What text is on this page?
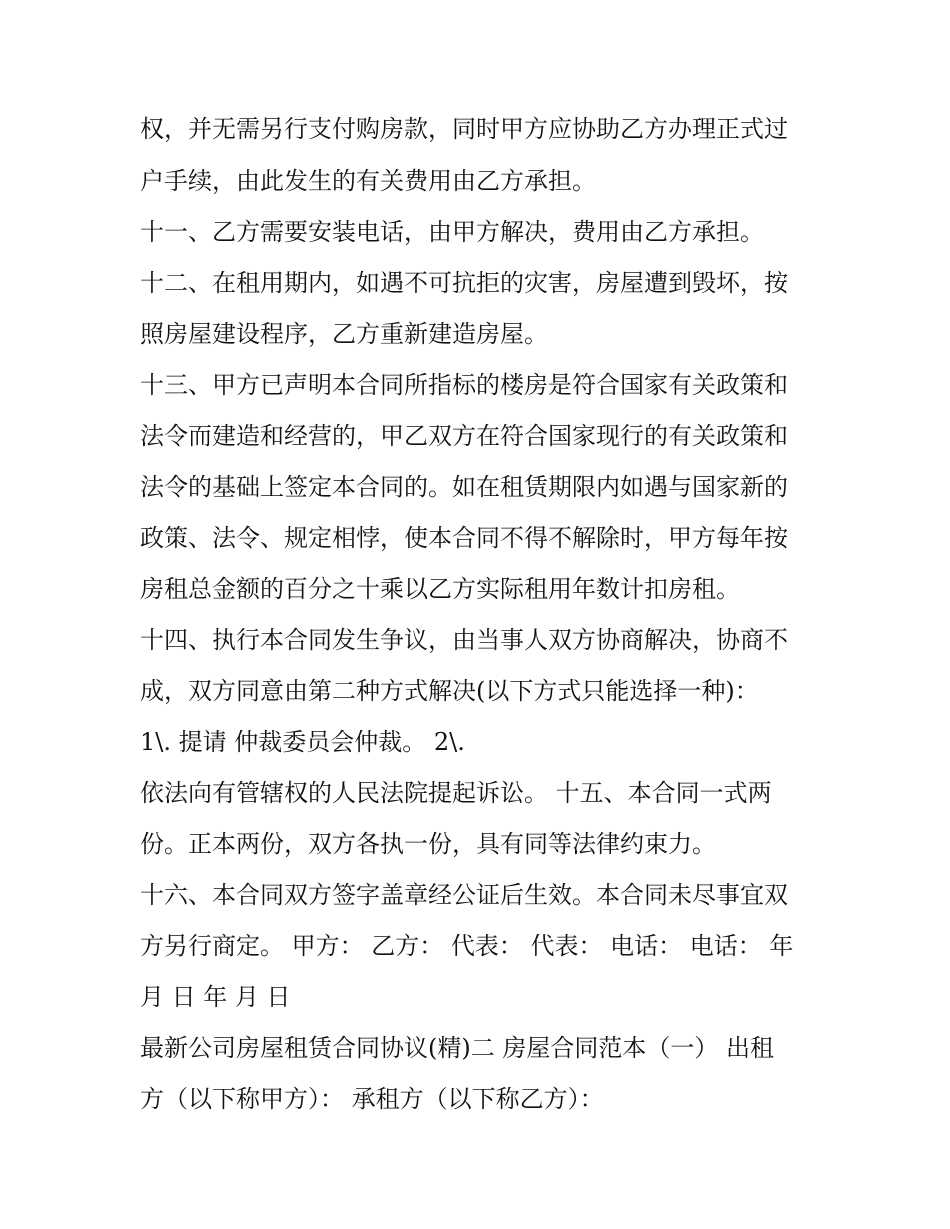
权，并无需另行支付购房款，同时甲方应协助乙方办理正式过
户手续，由此发生的有关费用由乙方承担。
十一、乙方需要安装电话，由甲方解决，费用由乙方承担。
十二、在租用期内，如遇不可抗拒的灾害，房屋遭到毁坏，按
照房屋建设程序，乙方重新建造房屋。
十三、甲方已声明本合同所指标的楼房是符合国家有关政策和
法令而建造和经营的，甲乙双方在符合国家现行的有关政策和
法令的基础上签定本合同的。如在租赁期限内如遇与国家新的
政策、法令、规定相悖，使本合同不得不解除时，甲方每年按
房租总金额的百分之十乘以乙方实际租用年数计扣房租。
十四、执行本合同发生争议，由当事人双方协商解决，协商不
成，双方同意由第二种方式解决(以下方式只能选择一种)：
1\. 提请 仲裁委员会仲裁。 2\.
依法向有管辖权的人民法院提起诉讼。 十五、本合同一式两
份。正本两份，双方各执一份，具有同等法律约束力。
十六、本合同双方签字盖章经公证后生效。本合同未尽事宜双
方另行商定。 甲方： 乙方： 代表： 代表： 电话： 电话： 年
月 日 年 月 日
最新公司房屋租赁合同协议(精)二 房屋合同范本（一） 出租
方（以下称甲方）： 承租方（以下称乙方）：
